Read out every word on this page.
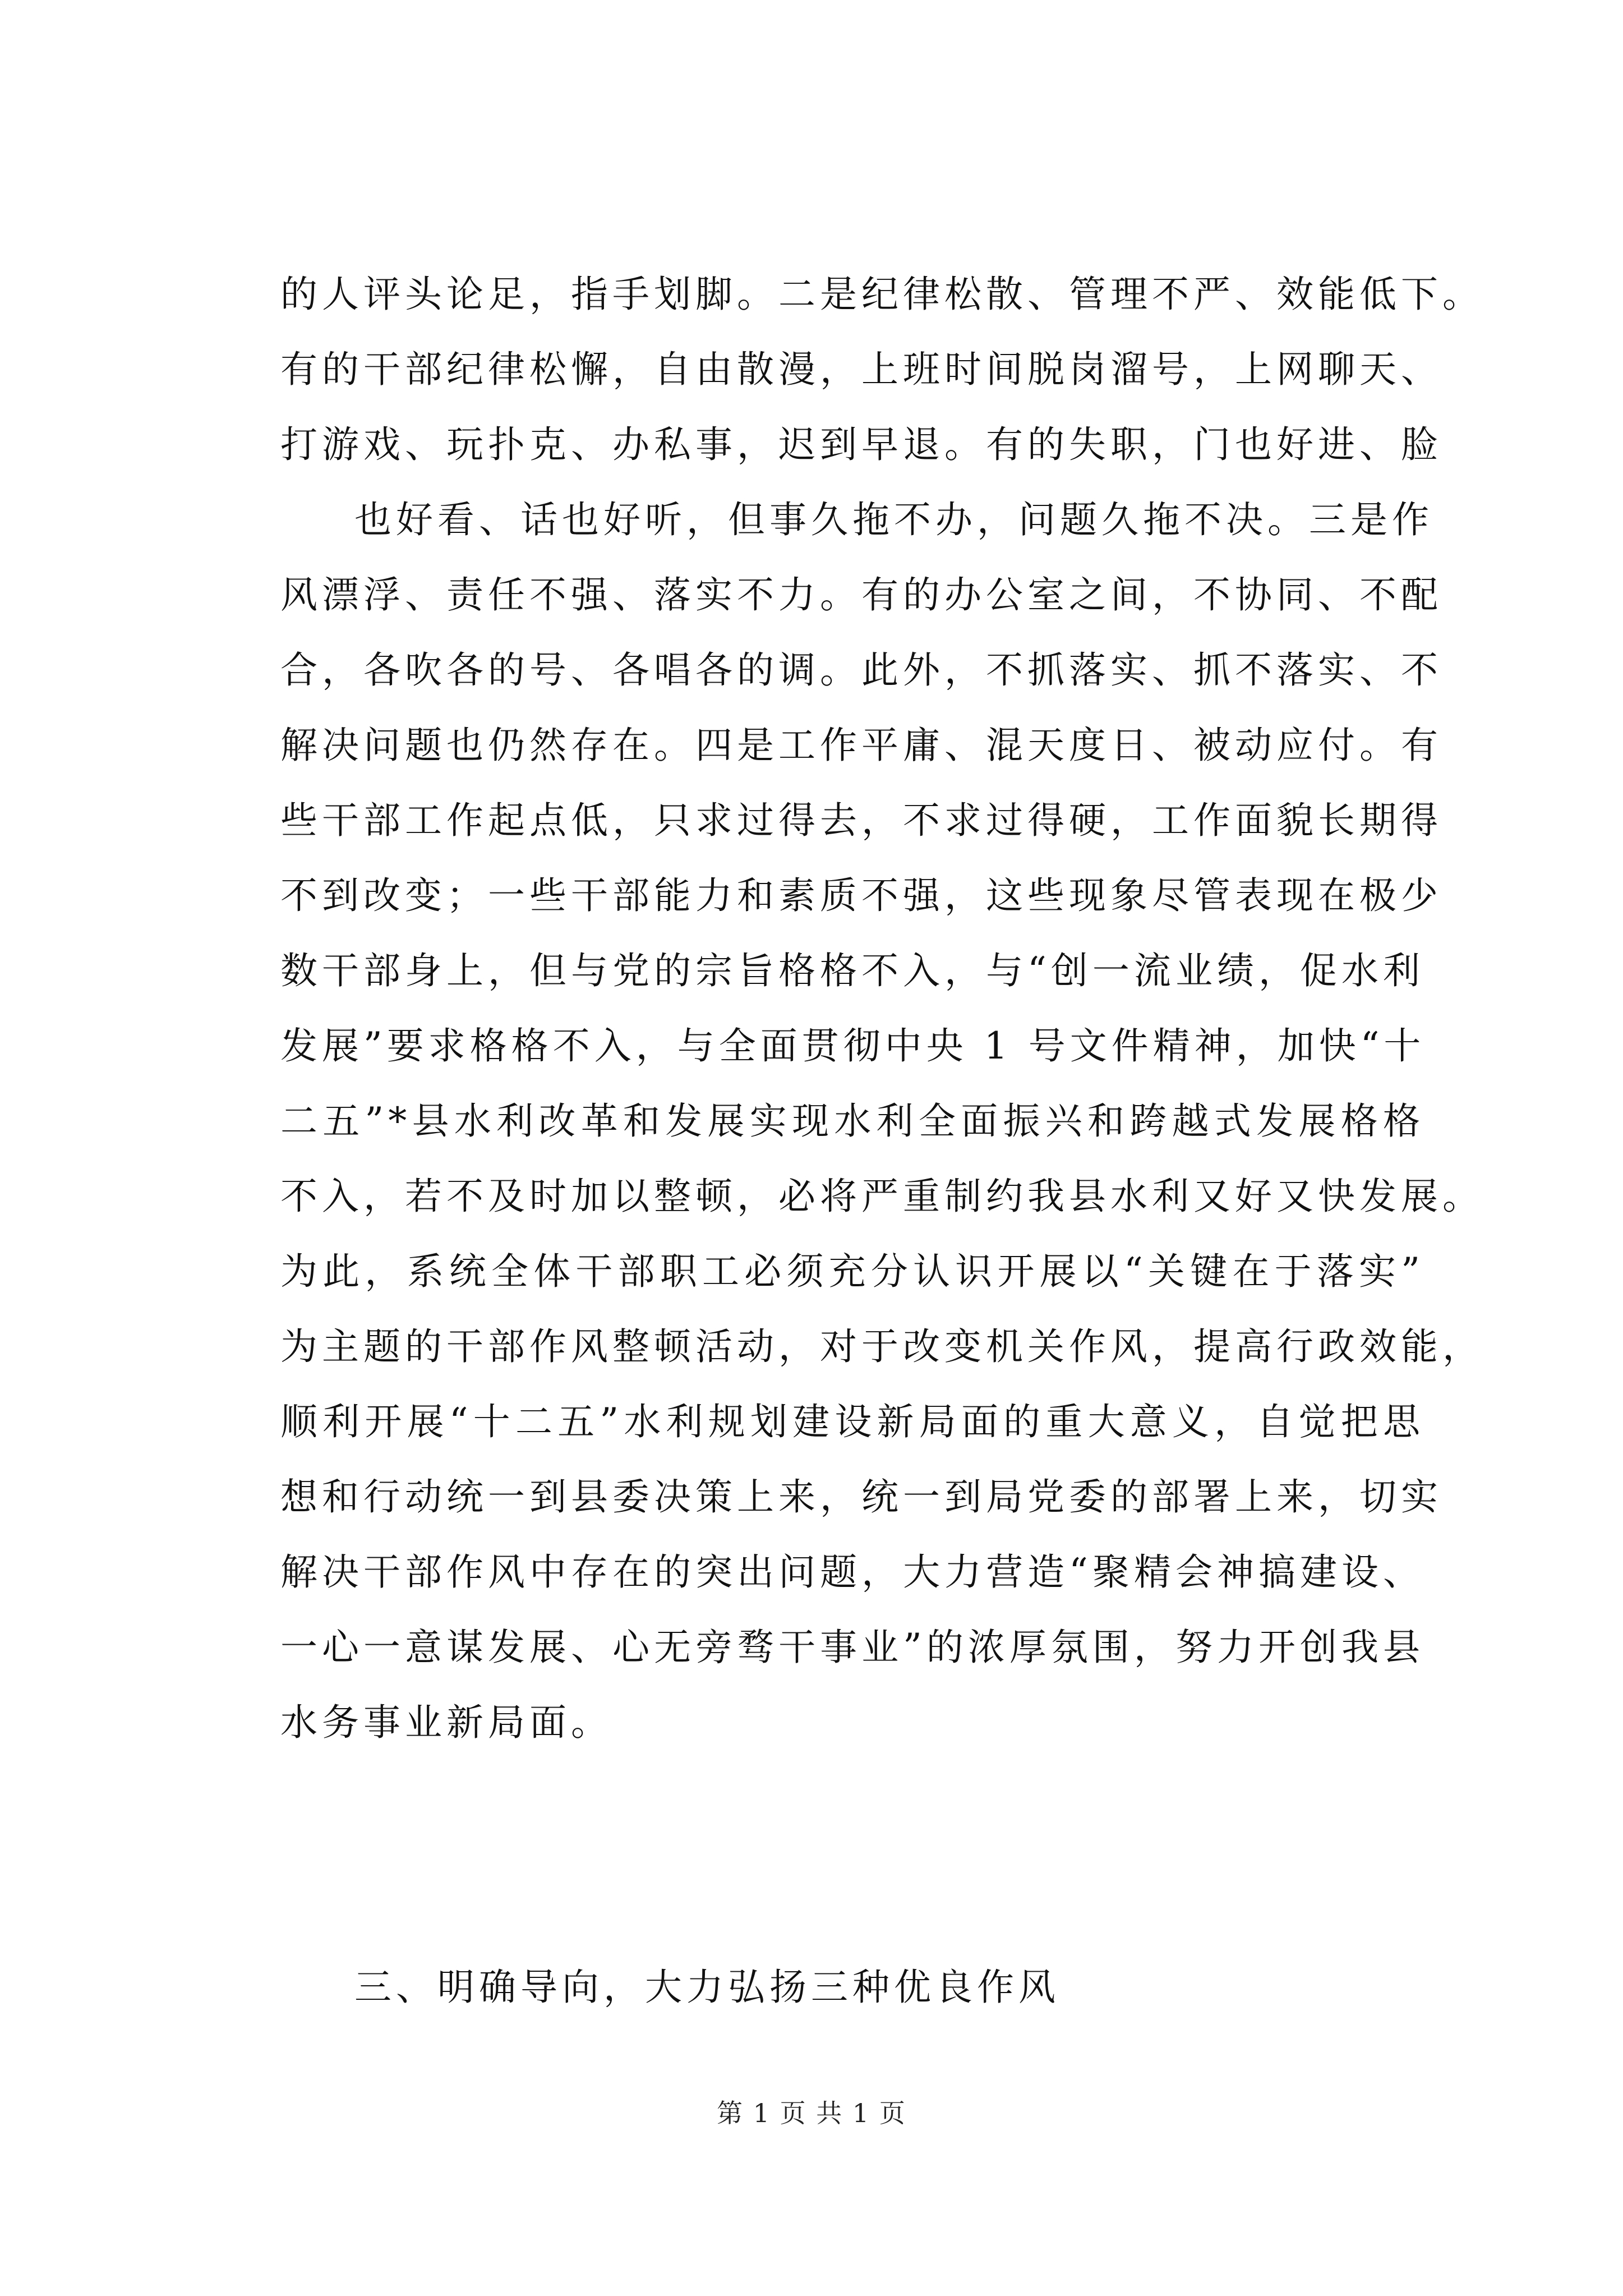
的人评头论足，指手划脚。二是纪律松散、管理不严、效能低下。
有的干部纪律松懈，自由散漫，上班时间脱岗溜号，上网聊天、
打游戏、玩扑克、办私事，迟到早退。有的失职，门也好进、脸
也好看、话也好听，但事久拖不办，问题久拖不决。三是作
风漂浮、责任不强、落实不力。有的办公室之间，不协同、不配
合，各吹各的号、各唱各的调。此外，不抓落实、抓不落实、不
解决问题也仍然存在。四是工作平庸、混天度日、被动应付。有
些干部工作起点低，只求过得去，不求过得硬，工作面貌长期得
不到改变；一些干部能力和素质不强，这些现象尽管表现在极少
数干部身上，但与党的宗旨格格不入，与“创一流业绩，促水利
发展”要求格格不入，与全面贯彻中央 1 号文件精神，加快“十
二五”*县水利改革和发展实现水利全面振兴和跨越式发展格格
不入，若不及时加以整顿，必将严重制约我县水利又好又快发展。
为此，系统全体干部职工必须充分认识开展以“关键在于落实”
为主题的干部作风整顿活动，对于改变机关作风，提高行政效能，
顺利开展“十二五”水利规划建设新局面的重大意义，自觉把思
想和行动统一到县委决策上来，统一到局党委的部署上来，切实
解决干部作风中存在的突出问题，大力营造“聚精会神搞建设、
一心一意谋发展、心无旁骛干事业”的浓厚氛围，努力开创我县
水务事业新局面。
三、明确导向，大力弘扬三种优良作风
第 1 页 共 1 页
